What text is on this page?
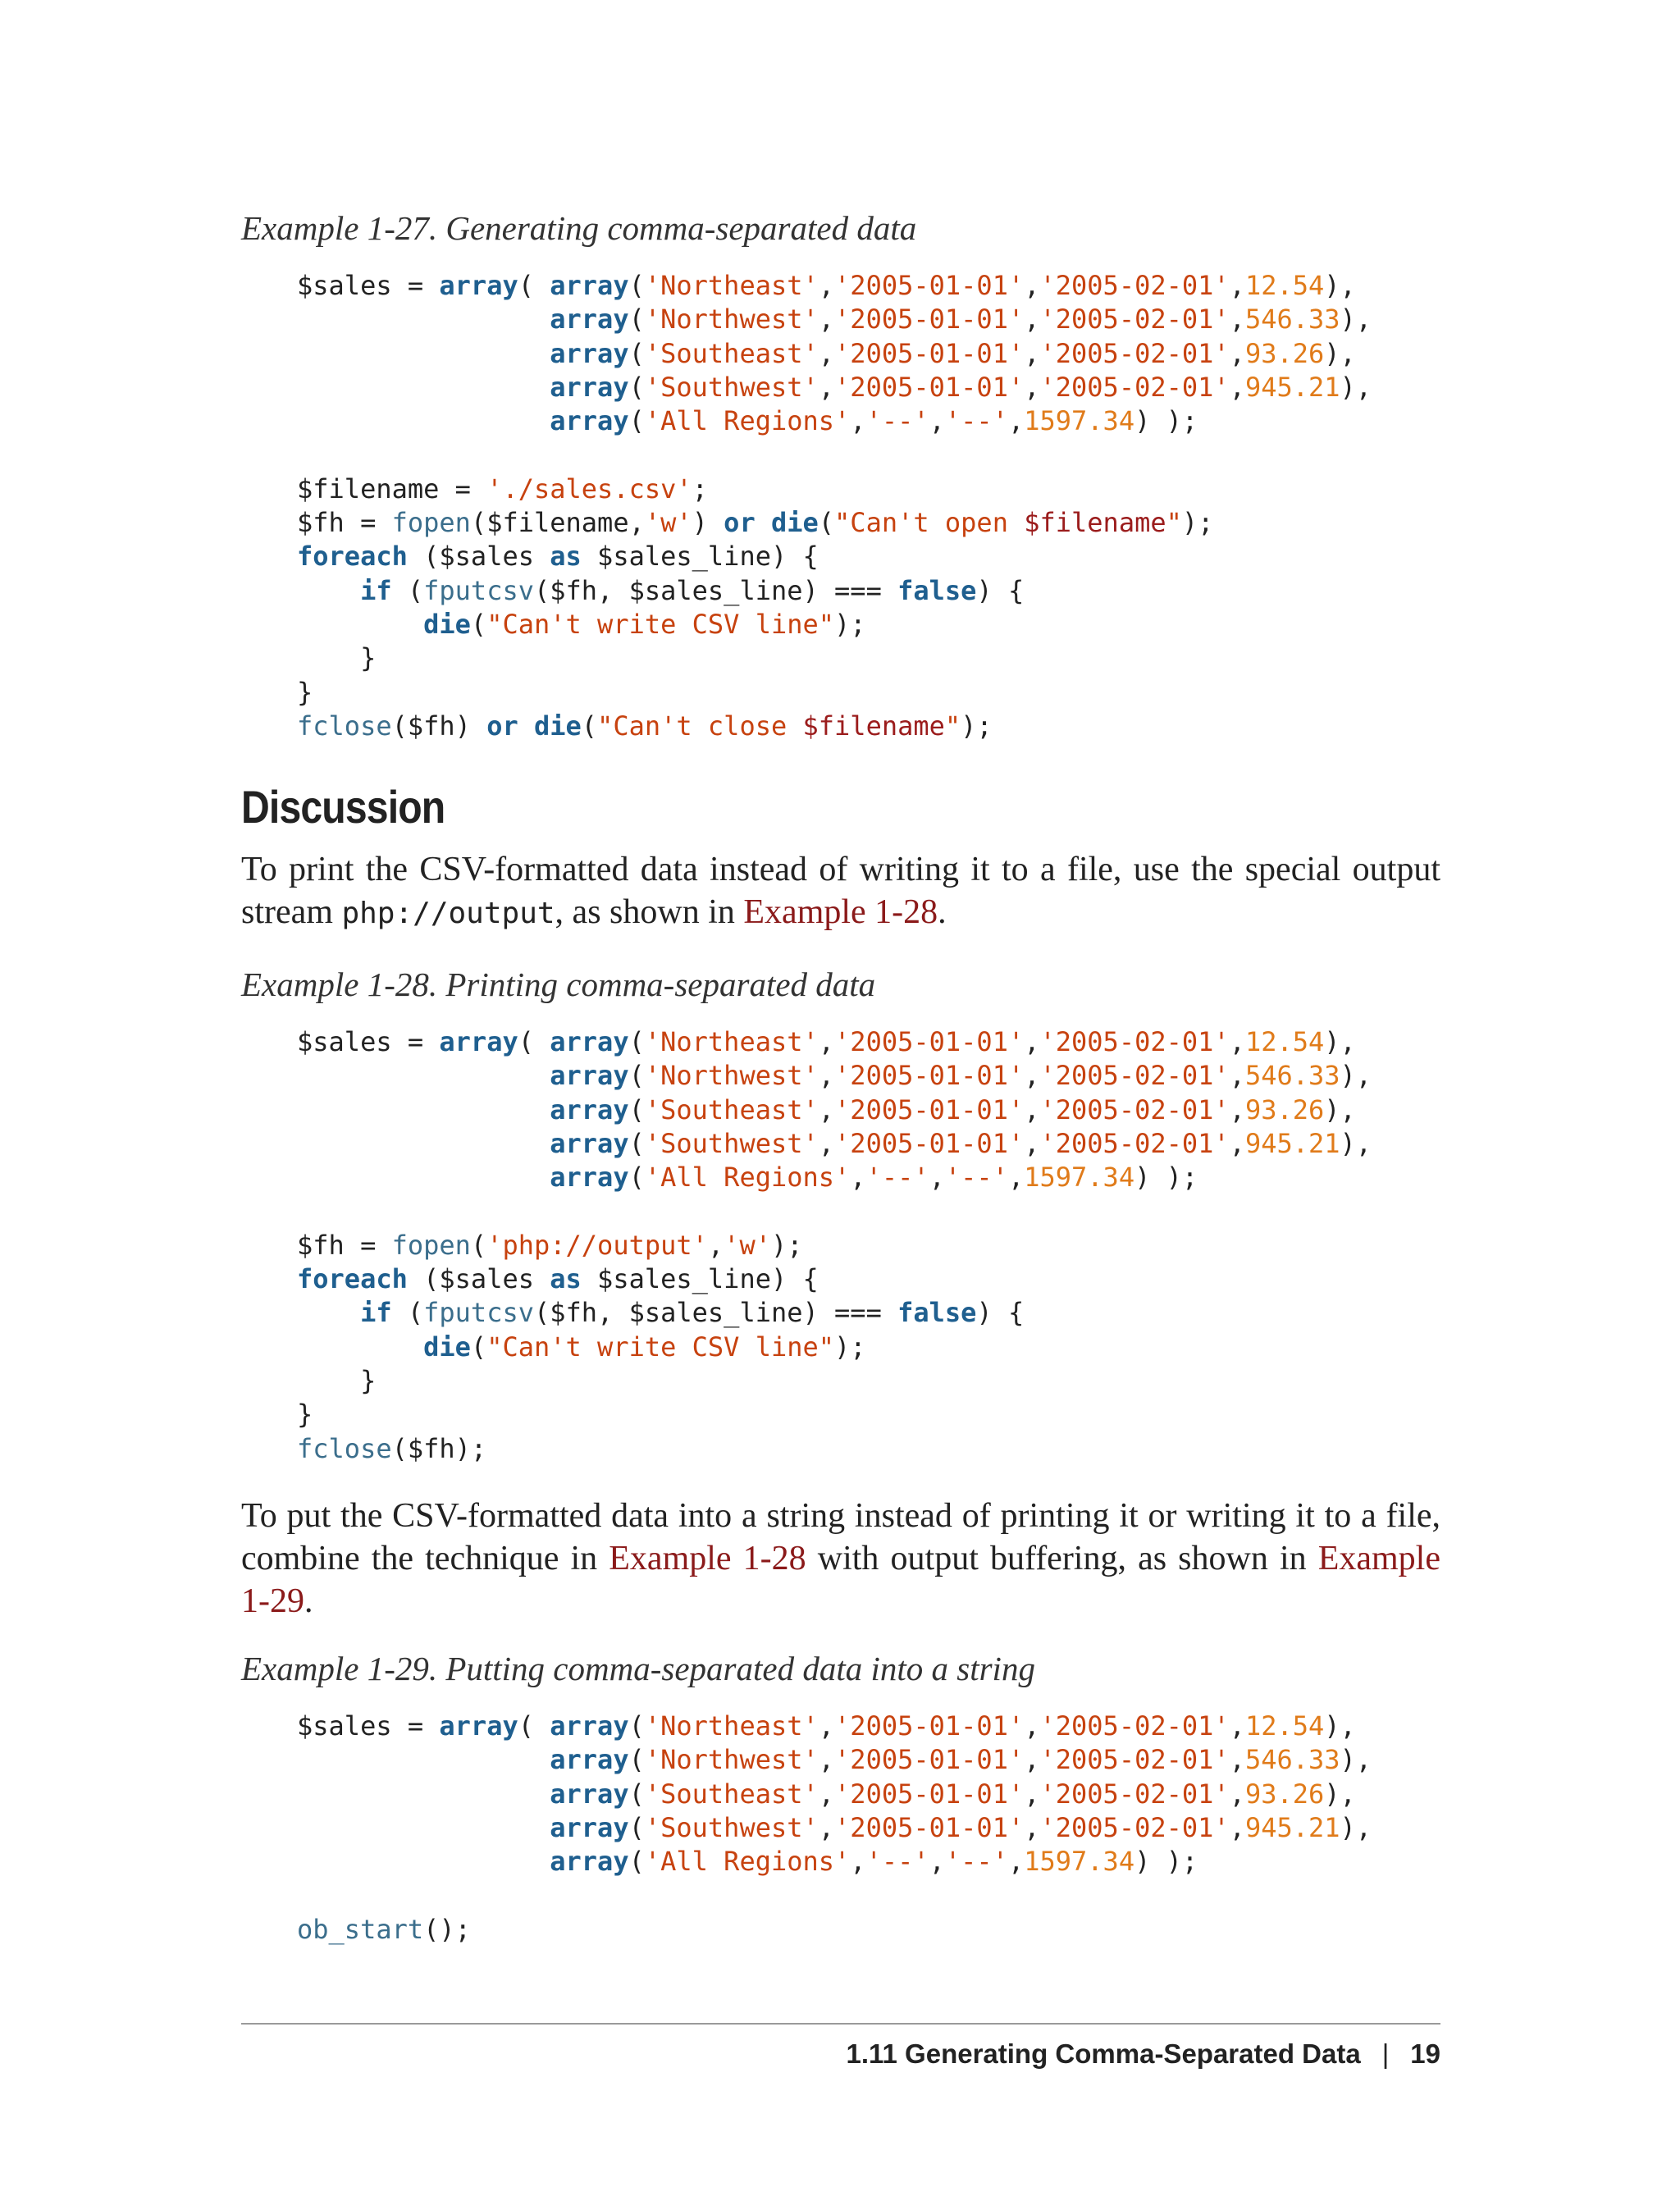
Example 1-27. Generating comma-separated data
$sales = array( array('Northeast','2005-01-01','2005-02-01',12.54),
array('Northwest','2005-01-01','2005-02-01',546.33),
array('Southeast','2005-01-01','2005-02-01',93.26),
array('Southwest','2005-01-01','2005-02-01',945.21),
array('All Regions','--','--',1597.34) );
$filename = './sales.csv';
$fh = fopen($filename,'w') or die("Can't open $filename");
foreach ($sales as $sales_line) {
if (fputcsv($fh, $sales_line) === false) {
die("Can't write CSV line");
}
}
fclose($fh) or die("Can't close $filename");
Discussion

To print the CSV-formatted data instead of writing it to a file, use the special output stream php://output, as shown in Example 1-28.

Example 1-28. Printing comma-separated data
$sales = array( array('Northeast','2005-01-01','2005-02-01',12.54),
array('Northwest','2005-01-01','2005-02-01',546.33),
array('Southeast','2005-01-01','2005-02-01',93.26),
array('Southwest','2005-01-01','2005-02-01',945.21),
array('All Regions','--','--',1597.34) );
$fh = fopen('php://output','w');
foreach ($sales as $sales_line) {
if (fputcsv($fh, $sales_line) === false) {
die("Can't write CSV line");
}
}
fclose($fh);

To put the CSV-formatted data into a string instead of printing it or writing it to a file, combine the technique in Example 1-28 with output buffering, as shown in Example 1-29.

Example 1-29. Putting comma-separated data into a string
$sales = array( array('Northeast','2005-01-01','2005-02-01',12.54),
array('Northwest','2005-01-01','2005-02-01',546.33),
array('Southeast','2005-01-01','2005-02-01',93.26),
array('Southwest','2005-01-01','2005-02-01',945.21),
array('All Regions','--','--',1597.34) );
ob_start();
1.11 Generating Comma-Separated Data | 19
